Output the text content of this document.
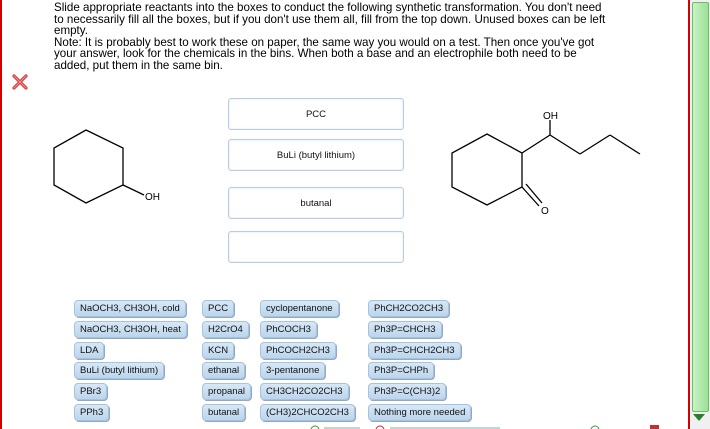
Slide appropriate reactants into the boxes to conduct the following synthetic transformation. You don't need

to necessarily fill all the boxes, but if you don't use them all, fill from the top down. Unused boxes can be left

empty.

Note: It is probably best to work these on paper, the same way you would on a test. Then once you've got

your answer, look for the chemicals in the bins. When both a base and an electrophile both need to be

added, put them in the same bin.

OH
O
OH
PCC
BuLi (butyl lithium)
butanal
NaOCH3, CH3OH, cold
NaOCH3, CH3OH, heat
LDA
BuLi (butyl lithium)
PBr3
PPh3
PCC
H2CrO4
KCN
ethanal
propanal
butanal
cyclopentanone
PhCOCH3
PhCOCH2CH3
3-pentanone
CH3CH2CO2CH3
(CH3)2CHCO2CH3
PhCH2CO2CH3
Ph3P=CHCH3
Ph3P=CHCH2CH3
Ph3P=CHPh
Ph3P=C(CH3)2
Nothing more needed
